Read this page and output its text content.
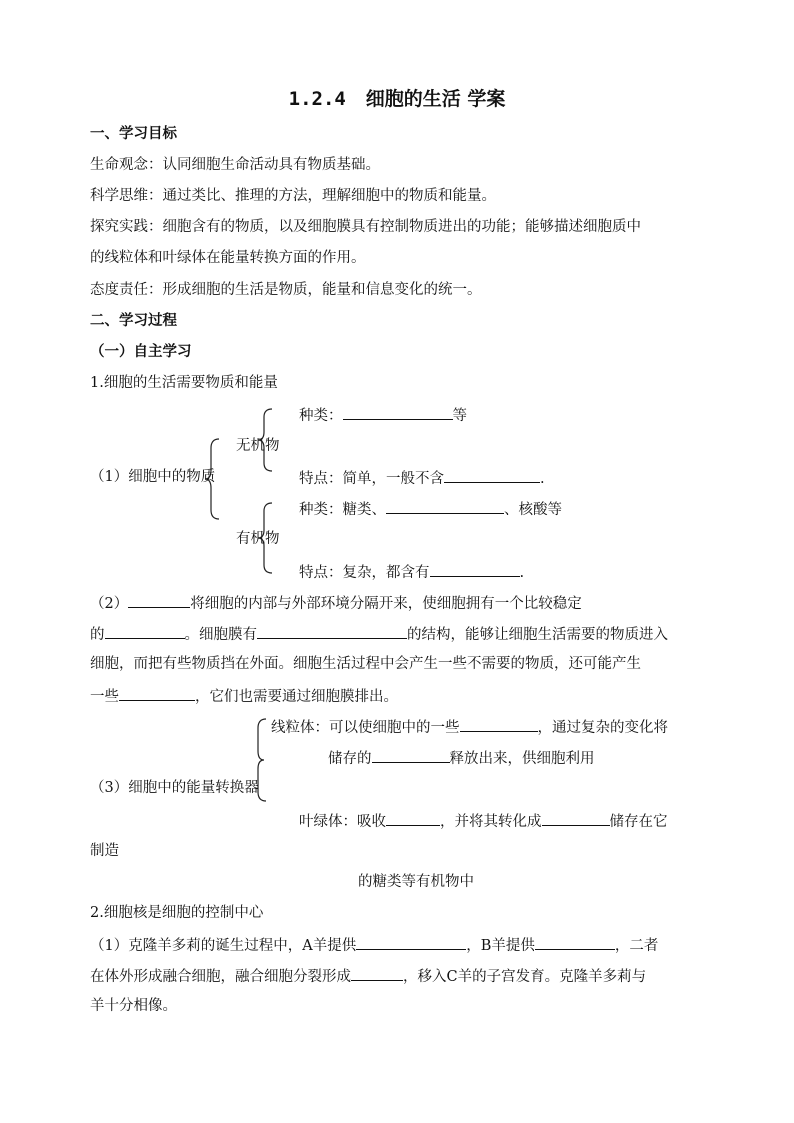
1.2.4 细胞的生活 学案
一、学习目标
生命观念：认同细胞生命活动具有物质基础。
科学思维：通过类比、推理的方法，理解细胞中的物质和能量。
探究实践：细胞含有的物质，以及细胞膜具有控制物质进出的功能；能够描述细胞质中
的线粒体和叶绿体在能量转换方面的作用。
态度责任：形成细胞的生活是物质，能量和信息变化的统一。
二、学习过程
（一）自主学习
1.细胞的生活需要物质和能量
种类：	等
无机物
（1）细胞中的物质	特点：简单，一般不含	.
种类：糖类、	、核酸等
有机物
特点：复杂，都含有	.
（2）	将细胞的内部与外部环境分隔开来，使细胞拥有一个比较稳定
的	。细胞膜有	的结构，能够让细胞生活需要的物质进入
细胞，而把有些物质挡在外面。细胞生活过程中会产生一些不需要的物质，还可能产生
一些	，它们也需要通过细胞膜排出。
线粒体：可以使细胞中的一些	，通过复杂的变化将
储存的	释放出来，供细胞利用
（3）细胞中的能量转换器
叶绿体：吸收	，并将其转化成	储存在它
制造
的糖类等有机物中
2.细胞核是细胞的控制中心
（1）克隆羊多莉的诞生过程中，A羊提供	，B羊提供	，二者
在体外形成融合细胞，融合细胞分裂形成	，移入C羊的子宫发育。克隆羊多莉与
羊十分相像。
